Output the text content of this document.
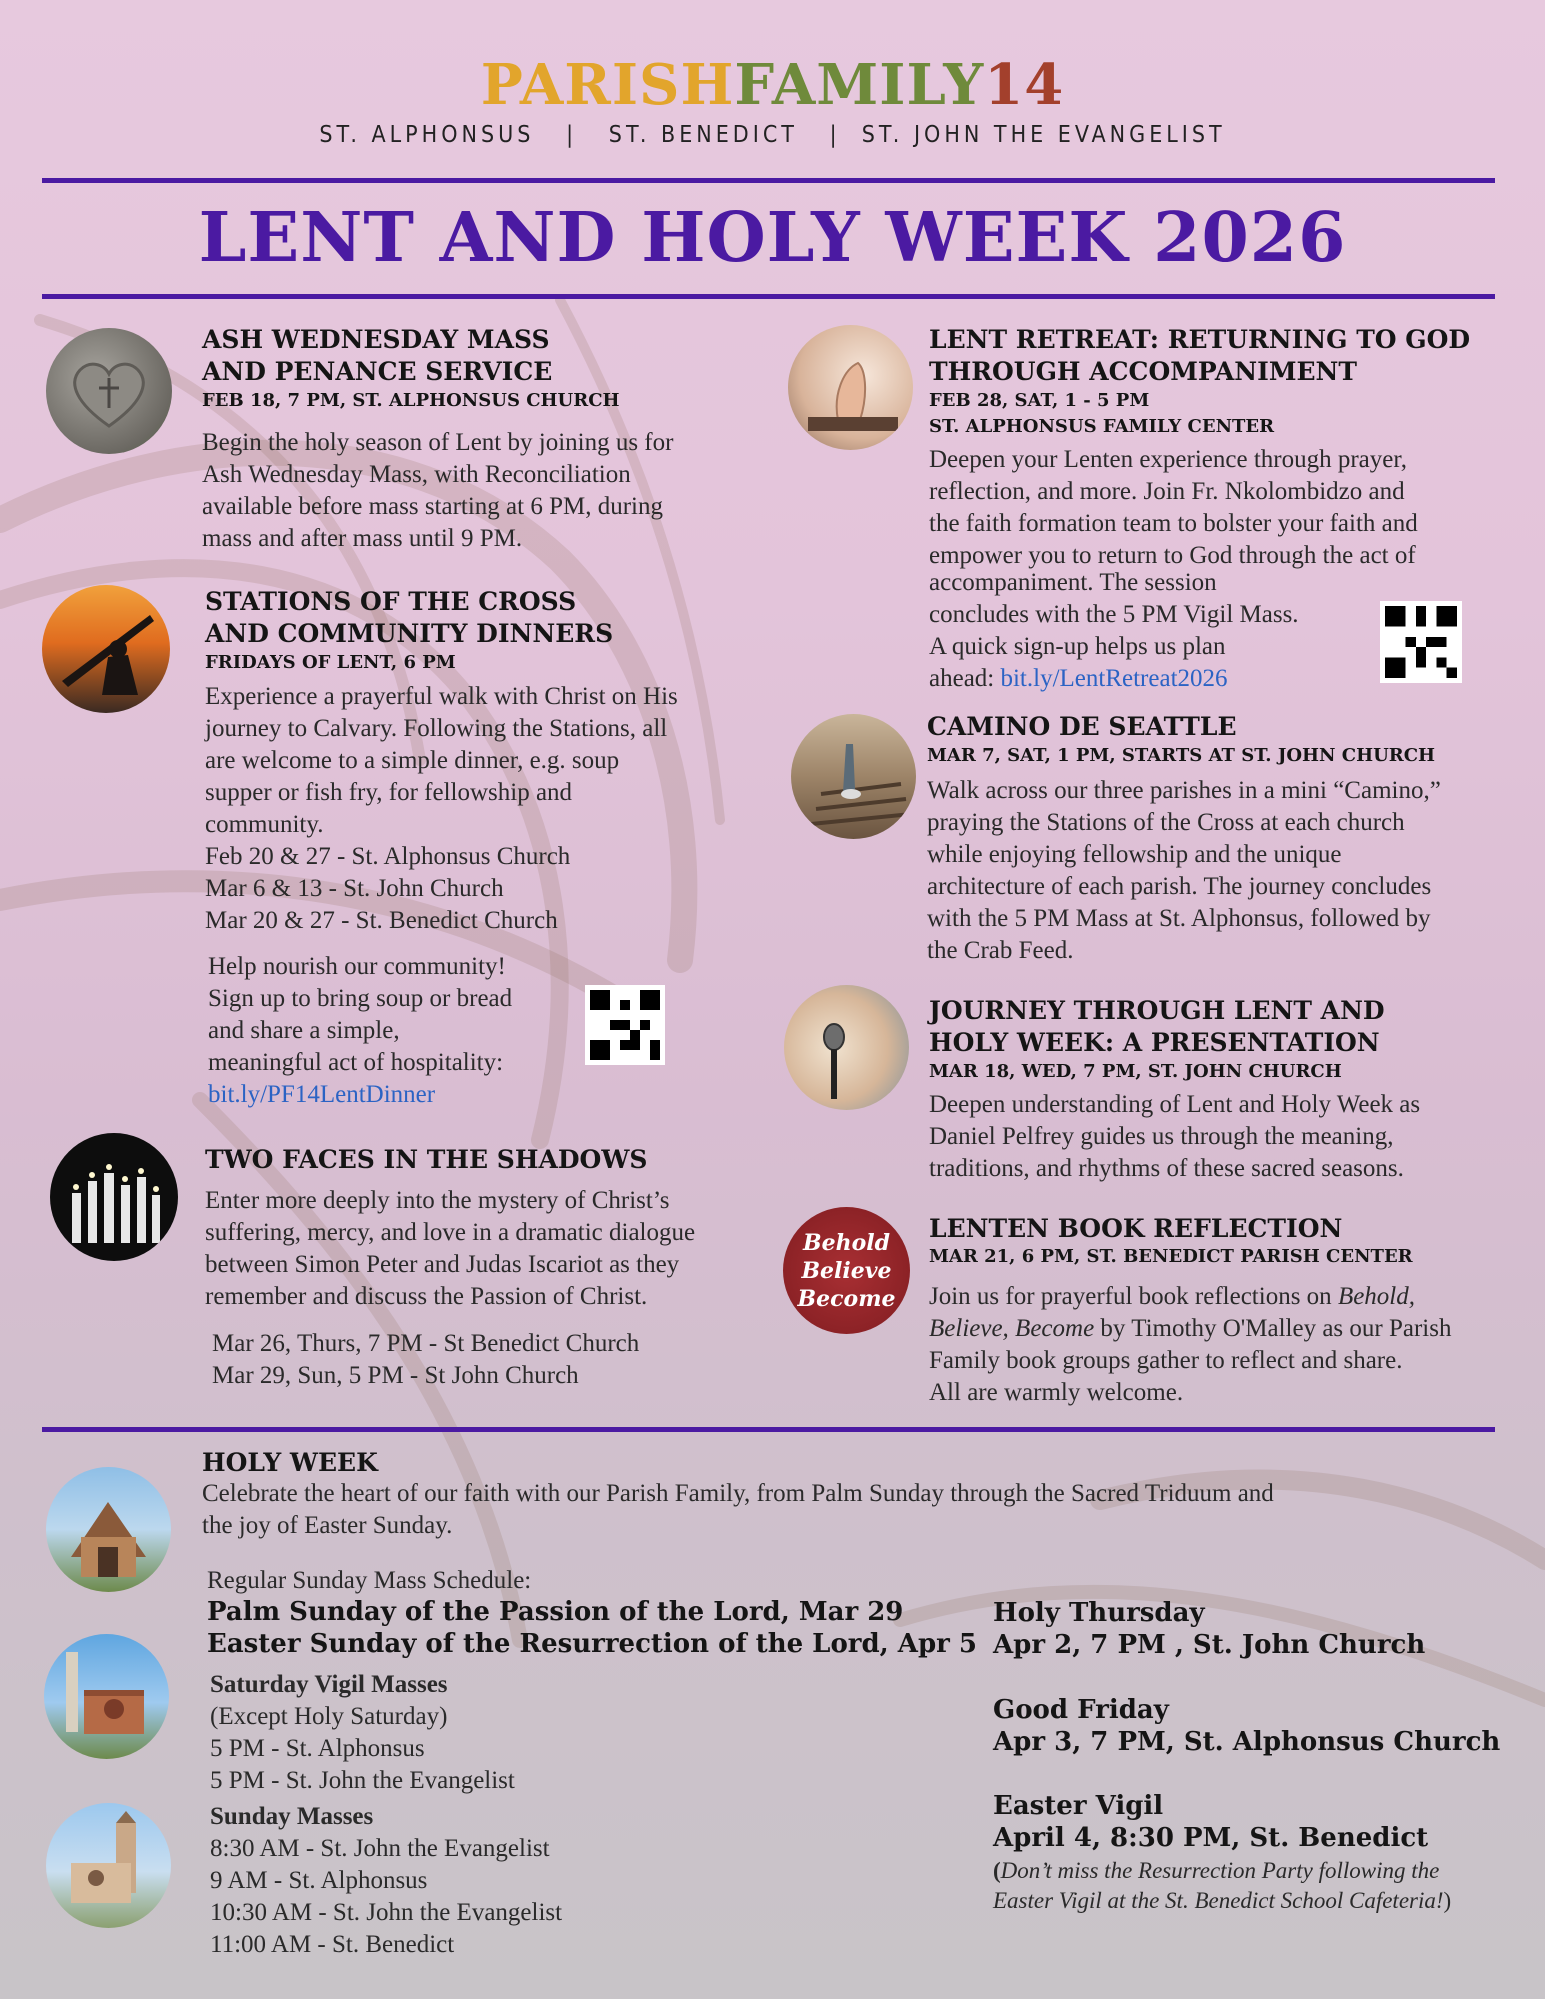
PARISHFAMILY14
ST. ALPHONSUS   |   ST. BENEDICT   |  ST. JOHN THE EVANGELIST
LENT AND HOLY WEEK 2026
ASH WEDNESDAY MASS
AND PENANCE SERVICE
FEB 18, 7 PM, ST. ALPHONSUS CHURCH

Begin the holy season of Lent by joining us for

Ash Wednesday Mass, with Reconciliation

available before mass starting at 6 PM, during

mass and after mass until 9 PM.

STATIONS OF THE CROSS
AND COMMUNITY DINNERS
FRIDAYS OF LENT, 6 PM

Experience a prayerful walk with Christ on His

journey to Calvary. Following the Stations, all

are welcome to a simple dinner, e.g. soup

supper or fish fry, for fellowship and

community.

Feb 20 & 27 - St. Alphonsus Church

Mar 6 & 13 - St. John Church

Mar 20 & 27 - St. Benedict Church

Help nourish our community!

Sign up to bring soup or bread

and share a simple,

meaningful act of hospitality:

bit.ly/PF14LentDinner

TWO FACES IN THE SHADOWS

Enter more deeply into the mystery of Christ’s

suffering, mercy, and love in a dramatic dialogue

between Simon Peter and Judas Iscariot as they

remember and discuss the Passion of Christ.

Mar 26, Thurs, 7 PM - St Benedict Church

Mar 29, Sun, 5 PM - St John Church

LENT RETREAT: RETURNING TO GOD
THROUGH ACCOMPANIMENT
FEB 28, SAT, 1 - 5 PM
ST. ALPHONSUS FAMILY CENTER

Deepen your Lenten experience through prayer,

reflection, and more. Join Fr. Nkolombidzo and

the faith formation team to bolster your faith and

empower you to return to God through the act of

accompaniment. The session

concludes with the 5 PM Vigil Mass.

A quick sign-up helps us plan

ahead: bit.ly/LentRetreat2026

CAMINO DE SEATTLE
MAR 7, SAT, 1 PM, STARTS AT ST. JOHN CHURCH

Walk across our three parishes in a mini “Camino,”

praying the Stations of the Cross at each church

while enjoying fellowship and the unique

architecture of each parish. The journey concludes

with the 5 PM Mass at St. Alphonsus, followed by

the Crab Feed.

JOURNEY THROUGH LENT AND
HOLY WEEK: A PRESENTATION
MAR 18, WED, 7 PM, ST. JOHN CHURCH

Deepen understanding of Lent and Holy Week as

Daniel Pelfrey guides us through the meaning,

traditions, and rhythms of these sacred seasons.

Behold
Believe
Become
LENTEN BOOK REFLECTION
MAR 21, 6 PM, ST. BENEDICT PARISH CENTER

Join us for prayerful book reflections on Behold,

Believe, Become by Timothy O'Malley as our Parish

Family book groups gather to reflect and share.

All are warmly welcome.

HOLY WEEK

Celebrate the heart of our faith with our Parish Family, from Palm Sunday through the Sacred Triduum and

the joy of Easter Sunday.

Regular Sunday Mass Schedule:
Palm Sunday of the Passion of the Lord, Mar 29
Easter Sunday of the Resurrection of the Lord, Apr 5

Saturday Vigil Masses

(Except Holy Saturday)

5 PM - St. Alphonsus

5 PM - St. John the Evangelist

Sunday Masses

8:30 AM - St. John the Evangelist

9 AM - St. Alphonsus

10:30 AM - St. John the Evangelist

11:00 AM - St. Benedict

Holy Thursday
Apr 2, 7 PM , St. John Church
Good Friday
Apr 3, 7 PM, St. Alphonsus Church
Easter Vigil
April 4, 8:30 PM, St. Benedict
(Don’t miss the Resurrection Party following the
Easter Vigil at the St. Benedict School Cafeteria!)
